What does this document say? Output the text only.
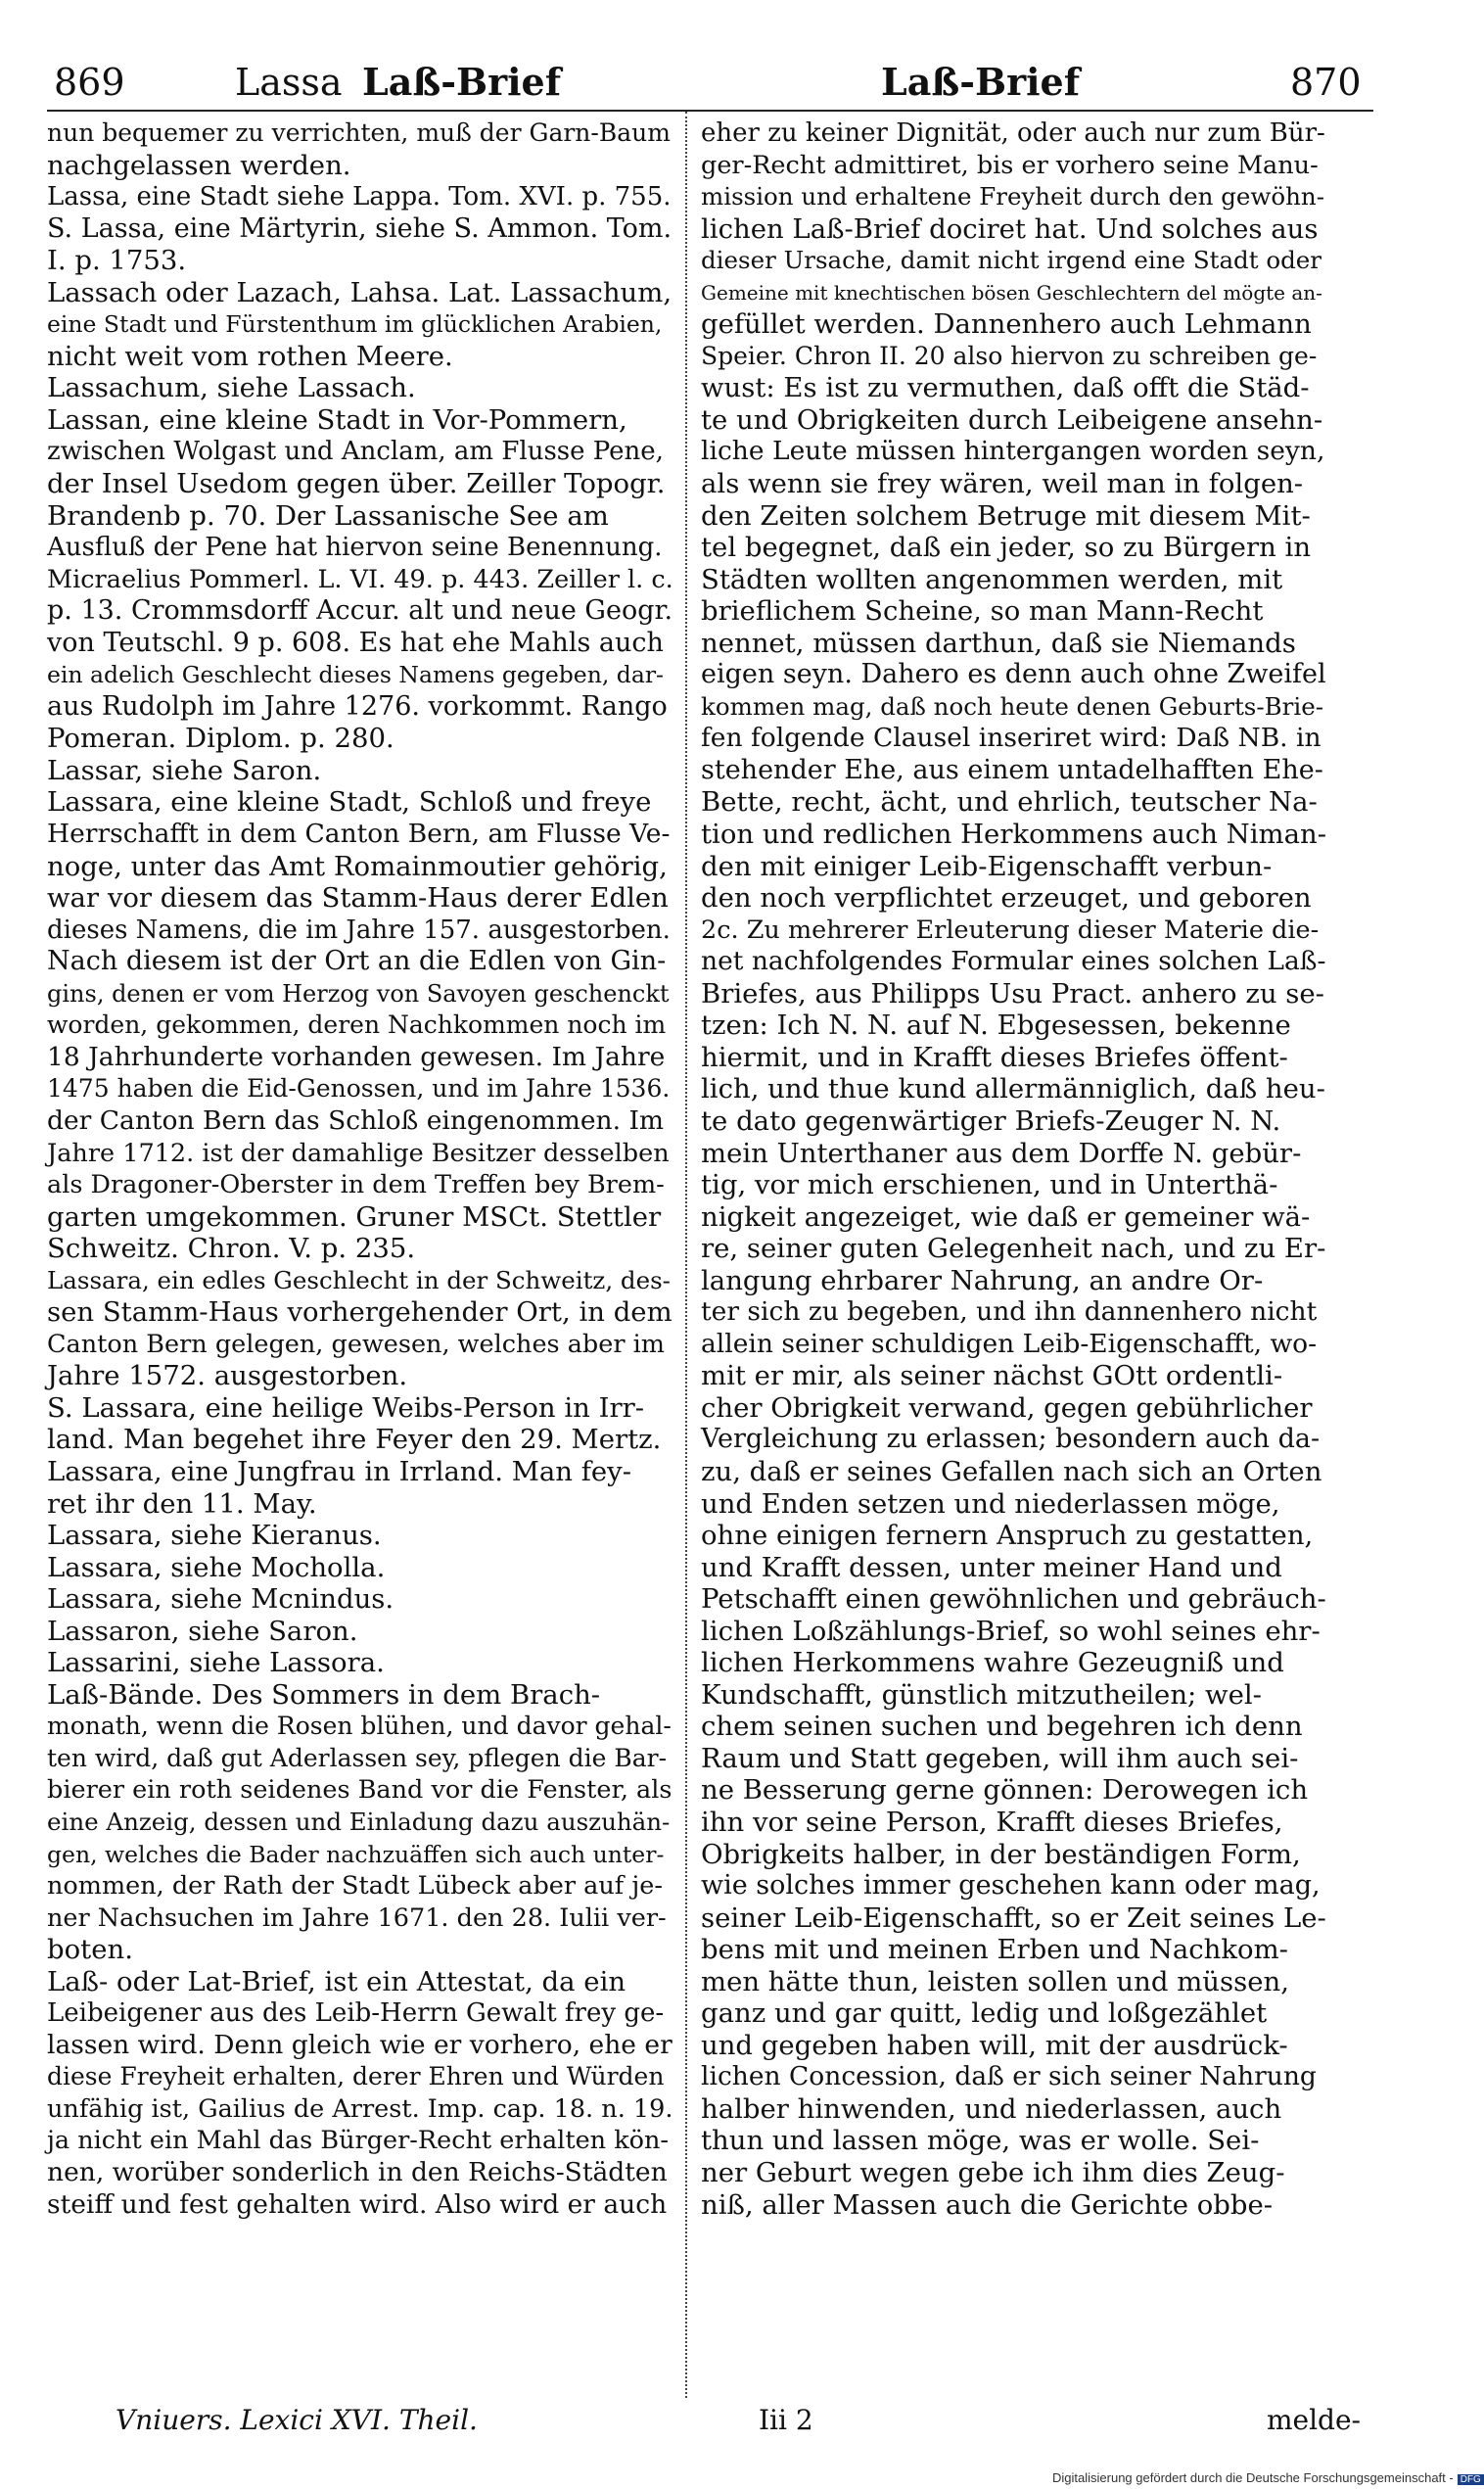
869	Lassa Laß-Brief	Laß-Brief	870
nun bequemer zu verrichten, muß der Garn-Baum
nachgelassen werden.
Lassa, eine Stadt siehe Lappa. Tom. XVI. p. 755.
S. Lassa, eine Märtyrin, siehe S. Ammon. Tom.
I. p. 1753.
Lassach oder Lazach, Lahsa. Lat. Lassachum,
eine Stadt und Fürstenthum im glücklichen Arabien,
nicht weit vom rothen Meere.
Lassachum, siehe Lassach.
Lassan, eine kleine Stadt in Vor-Pommern,
zwischen Wolgast und Anclam, am Flusse Pene,
der Insel Usedom gegen über. Zeiller Topogr.
Brandenb p. 70. Der Lassanische See am
Ausfluß der Pene hat hiervon seine Benennung.
Micraelius Pommerl. L. VI. 49. p. 443. Zeiller l. c.
p. 13. Crommsdorff Accur. alt und neue Geogr.
von Teutschl. 9 p. 608. Es hat ehe Mahls auch
ein adelich Geschlecht dieses Namens gegeben, dar-
aus Rudolph im Jahre 1276. vorkommt. Rango
Pomeran. Diplom. p. 280.
Lassar, siehe Saron.
Lassara, eine kleine Stadt, Schloß und freye
Herrschafft in dem Canton Bern, am Flusse Ve-
noge, unter das Amt Romainmoutier gehörig,
war vor diesem das Stamm-Haus derer Edlen
dieses Namens, die im Jahre 157. ausgestorben.
Nach diesem ist der Ort an die Edlen von Gin-
gins, denen er vom Herzog von Savoyen geschenckt
worden, gekommen, deren Nachkommen noch im
18 Jahrhunderte vorhanden gewesen. Im Jahre
1475 haben die Eid-Genossen, und im Jahre 1536.
der Canton Bern das Schloß eingenommen. Im
Jahre 1712. ist der damahlige Besitzer desselben
als Dragoner-Oberster in dem Treffen bey Brem-
garten umgekommen. Gruner MSCt. Stettler
Schweitz. Chron. V. p. 235.
Lassara, ein edles Geschlecht in der Schweitz, des-
sen Stamm-Haus vorhergehender Ort, in dem
Canton Bern gelegen, gewesen, welches aber im
Jahre 1572. ausgestorben.
S. Lassara, eine heilige Weibs-Person in Irr-
land. Man begehet ihre Feyer den 29. Mertz.
Lassara, eine Jungfrau in Irrland. Man fey-
ret ihr den 11. May.
Lassara, siehe Kieranus.
Lassara, siehe Mocholla.
Lassara, siehe Mcnindus.
Lassaron, siehe Saron.
Lassarini, siehe Lassora.
Laß-Bände. Des Sommers in dem Brach-
monath, wenn die Rosen blühen, und davor gehal-
ten wird, daß gut Aderlassen sey, pflegen die Bar-
bierer ein roth seidenes Band vor die Fenster, als
eine Anzeig, dessen und Einladung dazu auszuhän-
gen, welches die Bader nachzuäffen sich auch unter-
nommen, der Rath der Stadt Lübeck aber auf je-
ner Nachsuchen im Jahre 1671. den 28. Iulii ver-
boten.
Laß- oder Lat-Brief, ist ein Attestat, da ein
Leibeigener aus des Leib-Herrn Gewalt frey ge-
lassen wird. Denn gleich wie er vorhero, ehe er
diese Freyheit erhalten, derer Ehren und Würden
unfähig ist, Gailius de Arrest. Imp. cap. 18. n. 19.
ja nicht ein Mahl das Bürger-Recht erhalten kön-
nen, worüber sonderlich in den Reichs-Städten
steiff und fest gehalten wird. Also wird er auch
eher zu keiner Dignität, oder auch nur zum Bür-
ger-Recht admittiret, bis er vorhero seine Manu-
mission und erhaltene Freyheit durch den gewöhn-
lichen Laß-Brief dociret hat. Und solches aus
dieser Ursache, damit nicht irgend eine Stadt oder
Gemeine mit knechtischen bösen Geschlechtern del mögte an-
gefüllet werden. Dannenhero auch Lehmann
Speier. Chron II. 20 also hiervon zu schreiben ge-
wust: Es ist zu vermuthen, daß offt die Städ-
te und Obrigkeiten durch Leibeigene ansehn-
liche Leute müssen hintergangen worden seyn,
als wenn sie frey wären, weil man in folgen-
den Zeiten solchem Betruge mit diesem Mit-
tel begegnet, daß ein jeder, so zu Bürgern in
Städten wollten angenommen werden, mit
brieflichem Scheine, so man Mann-Recht
nennet, müssen darthun, daß sie Niemands
eigen seyn. Dahero es denn auch ohne Zweifel
kommen mag, daß noch heute denen Geburts-Brie-
fen folgende Clausel inseriret wird: Daß NB. in
stehender Ehe, aus einem untadelhafften Ehe-
Bette, recht, ächt, und ehrlich, teutscher Na-
tion und redlichen Herkommens auch Niman-
den mit einiger Leib-Eigenschafft verbun-
den noch verpflichtet erzeuget, und geboren
2c. Zu mehrerer Erleuterung dieser Materie die-
net nachfolgendes Formular eines solchen Laß-
Briefes, aus Philipps Usu Pract. anhero zu se-
tzen: Ich N. N. auf N. Ebgesessen, bekenne
hiermit, und in Krafft dieses Briefes öffent-
lich, und thue kund allermänniglich, daß heu-
te dato gegenwärtiger Briefs-Zeuger N. N.
mein Unterthaner aus dem Dorffe N. gebür-
tig, vor mich erschienen, und in Unterthä-
nigkeit angezeiget, wie daß er gemeiner wä-
re, seiner guten Gelegenheit nach, und zu Er-
langung ehrbarer Nahrung, an andre Or-
ter sich zu begeben, und ihn dannenhero nicht
allein seiner schuldigen Leib-Eigenschafft, wo-
mit er mir, als seiner nächst GOtt ordentli-
cher Obrigkeit verwand, gegen gebührlicher
Vergleichung zu erlassen; besondern auch da-
zu, daß er seines Gefallen nach sich an Orten
und Enden setzen und niederlassen möge,
ohne einigen fernern Anspruch zu gestatten,
und Krafft dessen, unter meiner Hand und
Petschafft einen gewöhnlichen und gebräuch-
lichen Loßzählungs-Brief, so wohl seines ehr-
lichen Herkommens wahre Gezeugniß und
Kundschafft, günstlich mitzutheilen; wel-
chem seinen suchen und begehren ich denn
Raum und Statt gegeben, will ihm auch sei-
ne Besserung gerne gönnen: Derowegen ich
ihn vor seine Person, Krafft dieses Briefes,
Obrigkeits halber, in der beständigen Form,
wie solches immer geschehen kann oder mag,
seiner Leib-Eigenschafft, so er Zeit seines Le-
bens mit und meinen Erben und Nachkom-
men hätte thun, leisten sollen und müssen,
ganz und gar quitt, ledig und loßgezählet
und gegeben haben will, mit der ausdrück-
lichen Concession, daß er sich seiner Nahrung
halber hinwenden, und niederlassen, auch
thun und lassen möge, was er wolle. Sei-
ner Geburt wegen gebe ich ihm dies Zeug-
niß, aller Massen auch die Gerichte obbe-
Vniuers. Lexici XVI. Theil.	Iii 2	melde-
Digitalisierung gefördert durch die Deutsche Forschungsgemeinschaft - DFG
